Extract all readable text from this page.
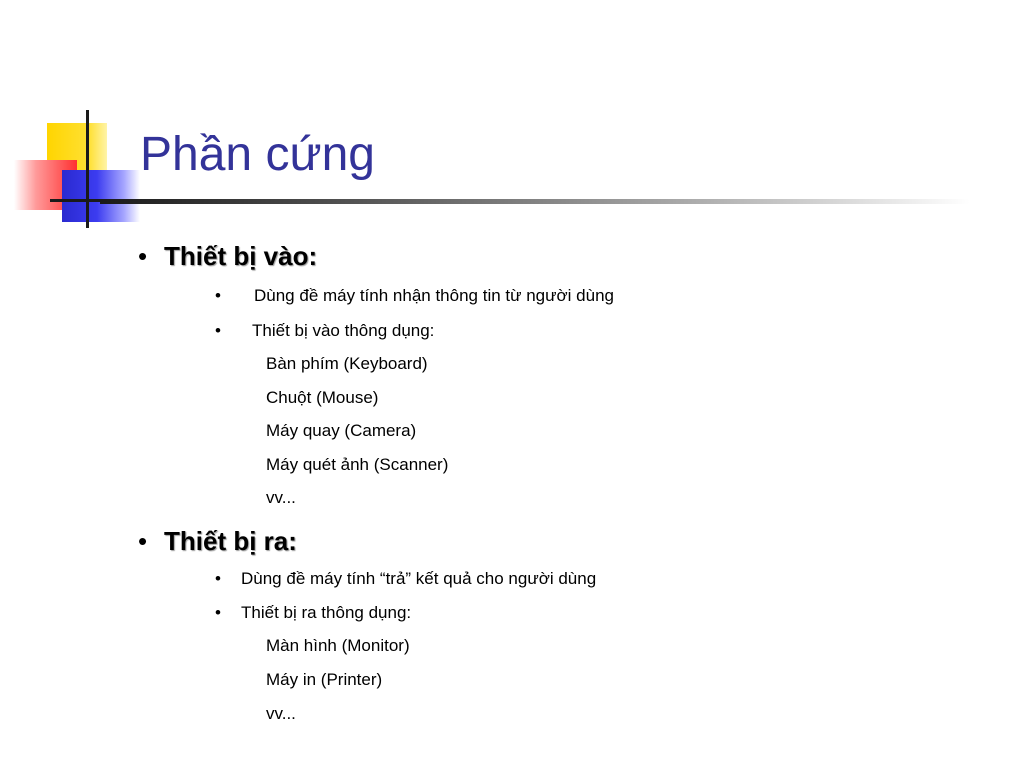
Phần cứng
• Thiết bị vào:
• Dùng đề máy tính nhận thông tin từ người dùng
• Thiết bị vào thông dụng:
Bàn phím (Keyboard)
Chuột (Mouse)
Máy quay (Camera)
Máy quét ảnh (Scanner)
vv...
• Thiết bị ra:
• Dùng đề máy tính “trả” kết quả cho người dùng
• Thiết bị ra thông dụng:
Màn hình (Monitor)
Máy in (Printer)
vv...
